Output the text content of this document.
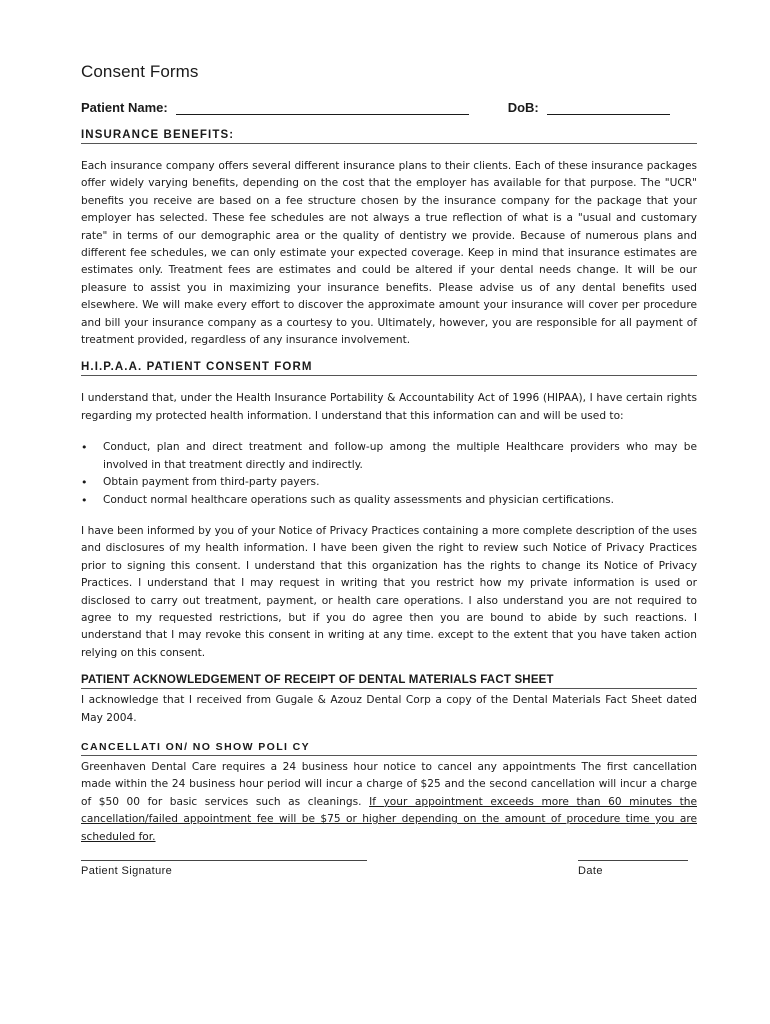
Consent Forms
Patient Name:	DoB:
INSURANCE BENEFITS:

Each insurance company offers several different insurance plans to their clients. Each of these insurance packages offer widely varying benefits, depending on the cost that the employer has available for that purpose. The "UCR" benefits you receive are based on a fee structure chosen by the insurance company for the package that your employer has selected. These fee schedules are not always a true reflection of what is a "usual and customary rate" in terms of our demographic area or the quality of dentistry we provide. Because of numerous plans and different fee schedules, we can only estimate your expected coverage. Keep in mind that insurance estimates are estimates only. Treatment fees are estimates and could be altered if your dental needs change. It will be our pleasure to assist you in maximizing your insurance benefits. Please advise us of any dental benefits used elsewhere. We will make every effort to discover the approximate amount your insurance will cover per procedure and bill your insurance company as a courtesy to you. Ultimately, however, you are responsible for all payment of treatment provided, regardless of any insurance involvement.

H.I.P.A.A. PATIENT CONSENT FORM

I understand that, under the Health Insurance Portability & Accountability Act of 1996 (HIPAA), I have certain rights regarding my protected health information. I understand that this information can and will be used to:

• Conduct, plan and direct treatment and follow-up among the multiple Healthcare providers who may be involved in that treatment directly and indirectly.
• Obtain payment from third-party payers.
• Conduct normal healthcare operations such as quality assessments and physician certifications.

I have been informed by you of your Notice of Privacy Practices containing a more complete description of the uses and disclosures of my health information. I have been given the right to review such Notice of Privacy Practices prior to signing this consent. I understand that this organization has the rights to change its Notice of Privacy Practices. I understand that I may request in writing that you restrict how my private information is used or disclosed to carry out treatment, payment, or health care operations. I also understand you are not required to agree to my requested restrictions, but if you do agree then you are bound to abide by such reactions. I understand that I may revoke this consent in writing at any time. except to the extent that you have taken action relying on this consent.

PATIENT ACKNOWLEDGEMENT OF RECEIPT OF DENTAL MATERIALS FACT SHEET

I acknowledge that I received from Gugale & Azouz Dental Corp a copy of the Dental Materials Fact Sheet dated May 2004.

CANCELLATI ON/ NO SHOW POLI CY

Greenhaven Dental Care requires a 24 business hour notice to cancel any appointments The first cancellation made within the 24 business hour period will incur a charge of $25 and the second cancellation will incur a charge of $50 00 for basic services such as cleanings. If your appointment exceeds more than 60 minutes the cancellation/failed appointment fee will be $75 or higher depending on the amount of procedure time you are scheduled for.

Patient Signature	Date
